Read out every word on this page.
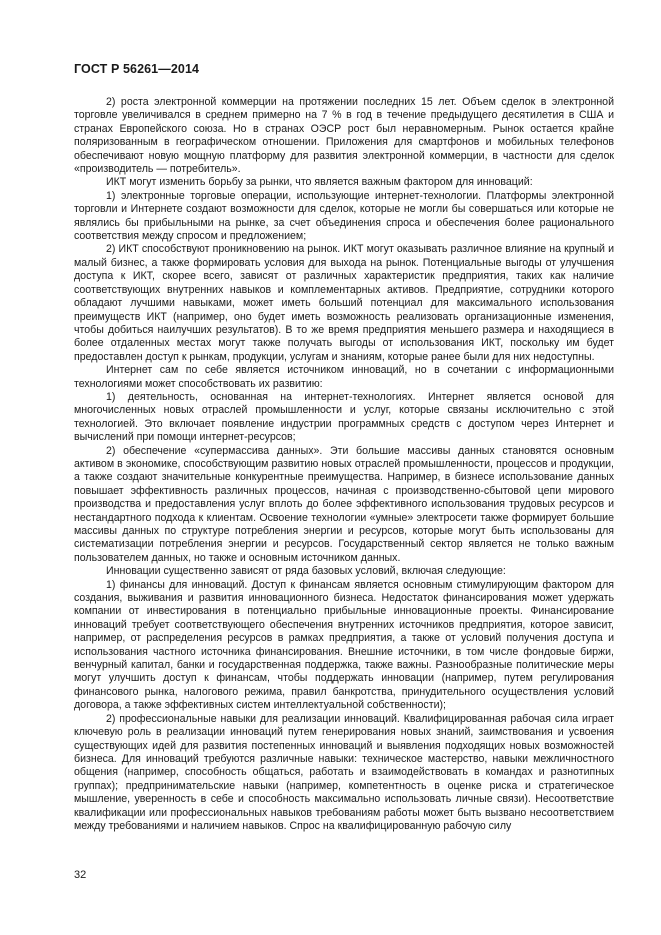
ГОСТ Р 56261—2014

2) роста электронной коммерции на протяжении последних 15 лет. Объем сделок в электронной торговле увеличивался в среднем примерно на 7 % в год в течение предыдущего десятилетия в США и странах Европейского союза. Но в странах ОЭСР рост был неравномерным. Рынок остается крайне поляризованным в географическом отношении. Приложения для смартфонов и мобильных телефонов обеспечивают новую мощную платформу для развития электронной коммерции, в частности для сделок «производитель — потребитель».

ИКТ могут изменить борьбу за рынки, что является важным фактором для инноваций:

1) электронные торговые операции, использующие интернет-технологии. Платформы электронной торговли и Интернете создают возможности для сделок, которые не могли бы совершаться или которые не являлись бы прибыльными на рынке, за счет объединения спроса и обеспечения более рационального соответствия между спросом и предложением;

2) ИКТ способствуют проникновению на рынок. ИКТ могут оказывать различное влияние на крупный и малый бизнес, а также формировать условия для выхода на рынок. Потенциальные выгоды от улучшения доступа к ИКТ, скорее всего, зависят от различных характеристик предприятия, таких как наличие соответствующих внутренних навыков и комплементарных активов. Предприятие, сотрудники которого обладают лучшими навыками, может иметь больший потенциал для максимального использования преимуществ ИКТ (например, оно будет иметь возможность реализовать организационные изменения, чтобы добиться наилучших результатов). В то же время предприятия меньшего размера и находящиеся в более отдаленных местах могут также получать выгоды от использования ИКТ, поскольку им будет предоставлен доступ к рынкам, продукции, услугам и знаниям, которые ранее были для них недоступны.

Интернет сам по себе является источником инноваций, но в сочетании с информационными технологиями может способствовать их развитию:

1) деятельность, основанная на интернет-технологиях. Интернет является основой для многочисленных новых отраслей промышленности и услуг, которые связаны исключительно с этой технологией. Это включает появление индустрии программных средств с доступом через Интернет и вычислений при помощи интернет-ресурсов;

2) обеспечение «супермассива данных». Эти большие массивы данных становятся основным активом в экономике, способствующим развитию новых отраслей промышленности, процессов и продукции, а также создают значительные конкурентные преимущества. Например, в бизнесе использование данных повышает эффективность различных процессов, начиная с производственно-сбытовой цепи мирового производства и предоставления услуг вплоть до более эффективного использования трудовых ресурсов и нестандартного подхода к клиентам. Освоение технологии «умные» электросети также формирует большие массивы данных по структуре потребления энергии и ресурсов, которые могут быть использованы для систематизации потребления энергии и ресурсов. Государственный сектор является не только важным пользователем данных, но также и основным источником данных.

Инновации существенно зависят от ряда базовых условий, включая следующие:

1) финансы для инноваций. Доступ к финансам является основным стимулирующим фактором для создания, выживания и развития инновационного бизнеса. Недостаток финансирования может удержать компании от инвестирования в потенциально прибыльные инновационные проекты. Финансирование инноваций требует соответствующего обеспечения внутренних источников предприятия, которое зависит, например, от распределения ресурсов в рамках предприятия, а также от условий получения доступа и использования частного источника финансирования. Внешние источники, в том числе фондовые биржи, венчурный капитал, банки и государственная поддержка, также важны. Разнообразные политические меры могут улучшить доступ к финансам, чтобы поддержать инновации (например, путем регулирования финансового рынка, налогового режима, правил банкротства, принудительного осуществления условий договора, а также эффективных систем интеллектуальной собственности);

2) профессиональные навыки для реализации инноваций. Квалифицированная рабочая сила играет ключевую роль в реализации инноваций путем генерирования новых знаний, заимствования и усвоения существующих идей для развития постепенных инноваций и выявления подходящих новых возможностей бизнеса. Для инноваций требуются различные навыки: техническое мастерство, навыки межличностного общения (например, способность общаться, работать и взаимодействовать в командах и разнотипных группах); предпринимательские навыки (например, компетентность в оценке риска и стратегическое мышление, уверенность в себе и способность максимально использовать личные связи). Несоответствие квалификации или профессиональных навыков требованиям работы может быть вызвано несоответствием между требованиями и наличием навыков. Спрос на квалифицированную рабочую силу

32
